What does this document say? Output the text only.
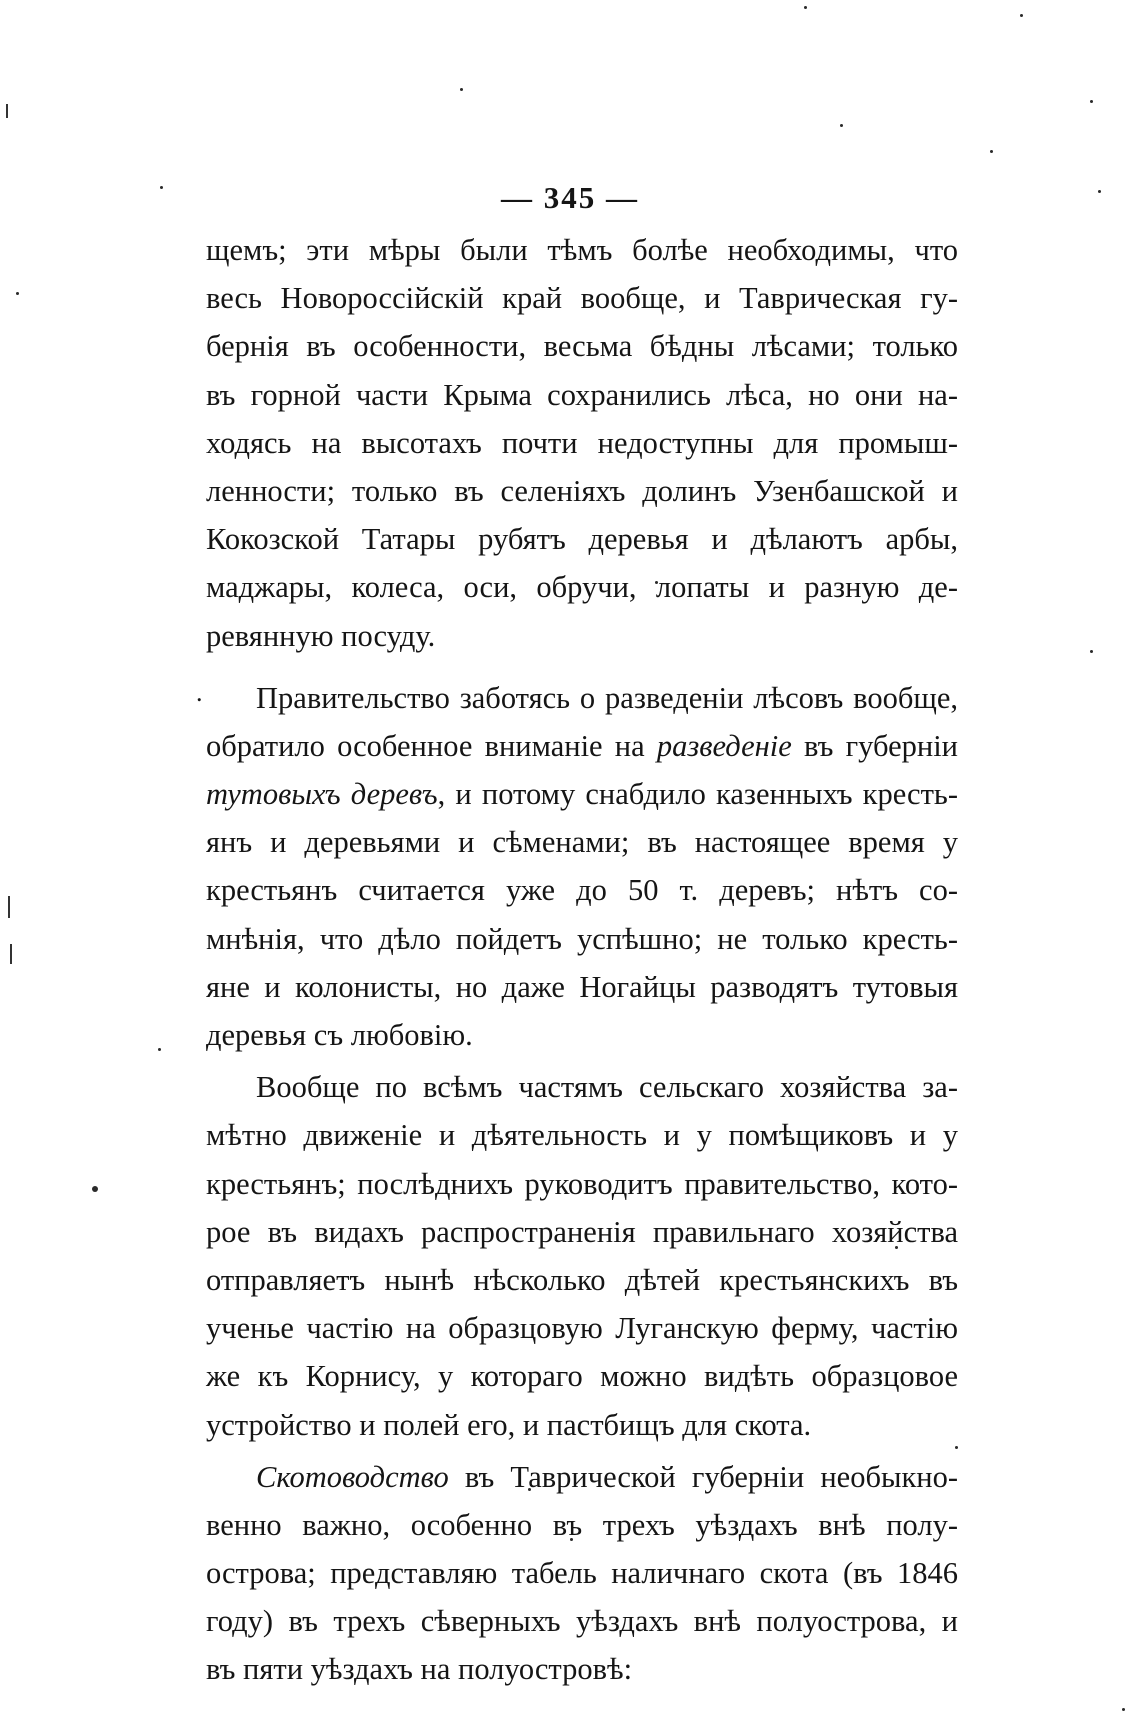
— 345 —
щемъ; эти мѣры были тѣмъ болѣе необходимы, что
весь Новороссійскій край вообще, и Таврическая гу-
бернія въ особенности, весьма бѣдны лѣсами; только
въ горной части Крыма сохранились лѣса, но они на-
ходясь на высотахъ почти недоступны для промыш-
ленности; только въ селеніяхъ долинъ Узенбашской и
Кокозской Татары рубятъ деревья и дѣлаютъ арбы,
маджары, колеса, оси, обручи, лопаты и разную де-
ревянную посуду.
.	Правительство заботясь о разведеніи лѣсовъ вообще,
обратило особенное вниманіе на разведеніе въ губерніи
тутовыхъ деревъ, и потому снабдило казенныхъ кресть-
янъ и деревьями и сѣменами; въ настоящее время у
крестьянъ считается уже до 50 т. деревъ; нѣтъ со-
мнѣнія, что дѣло пойдетъ успѣшно; не только кресть-
яне и колонисты, но даже Ногайцы разводятъ тутовыя
деревья съ любовію.
Вообще по всѣмъ частямъ сельскаго хозяйства за-
мѣтно движеніе и дѣятельность и у помѣщиковъ и у
крестьянъ; послѣднихъ руководитъ правительство, кото-
рое въ видахъ распространенія правильнаго хозяйства
отправляетъ нынѣ нѣсколько дѣтей крестьянскихъ въ
ученье частію на образцовую Луганскую ферму, частію
же къ Корнису, у котораго можно видѣть образцовое
устройство и полей его, и пастбищъ для скота.
Скотоводство въ Таврической губерніи необыкно-
венно важно, особенно въ трехъ уѣздахъ внѣ полу-
острова; представляю табель наличнаго скота (въ 1846
году) въ трехъ сѣверныхъ уѣздахъ внѣ полуострова, и
въ пяти уѣздахъ на полуостровѣ:
